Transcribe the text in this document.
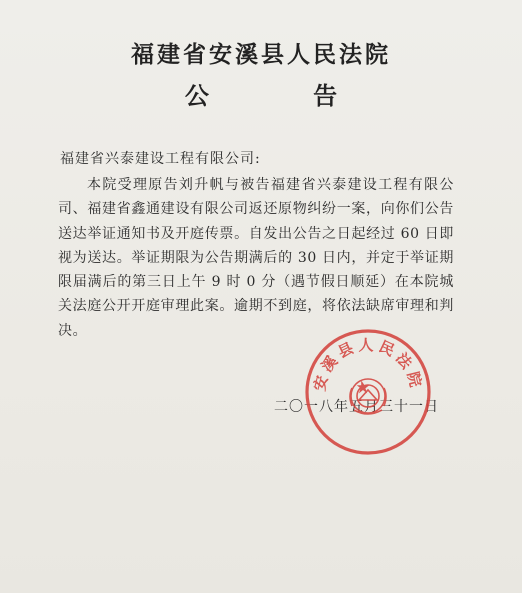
福建省安溪县人民法院
公 告
福建省兴泰建设工程有限公司:
本院受理原告刘升帆与被告福建省兴泰建设工程有限公司、福建省鑫通建设有限公司返还原物纠纷一案，向你们公告送达举证通知书及开庭传票。自发出公告之日起经过 60 日即视为送达。举证期限为公告期满后的 30 日内，并定于举证期限届满后的第三日上午 9 时 0 分（遇节假日顺延）在本院城关法庭公开开庭审理此案。逾期不到庭，将依法缺席审理和判决。
二〇一八年五月三十一日
安溪县人民法院
